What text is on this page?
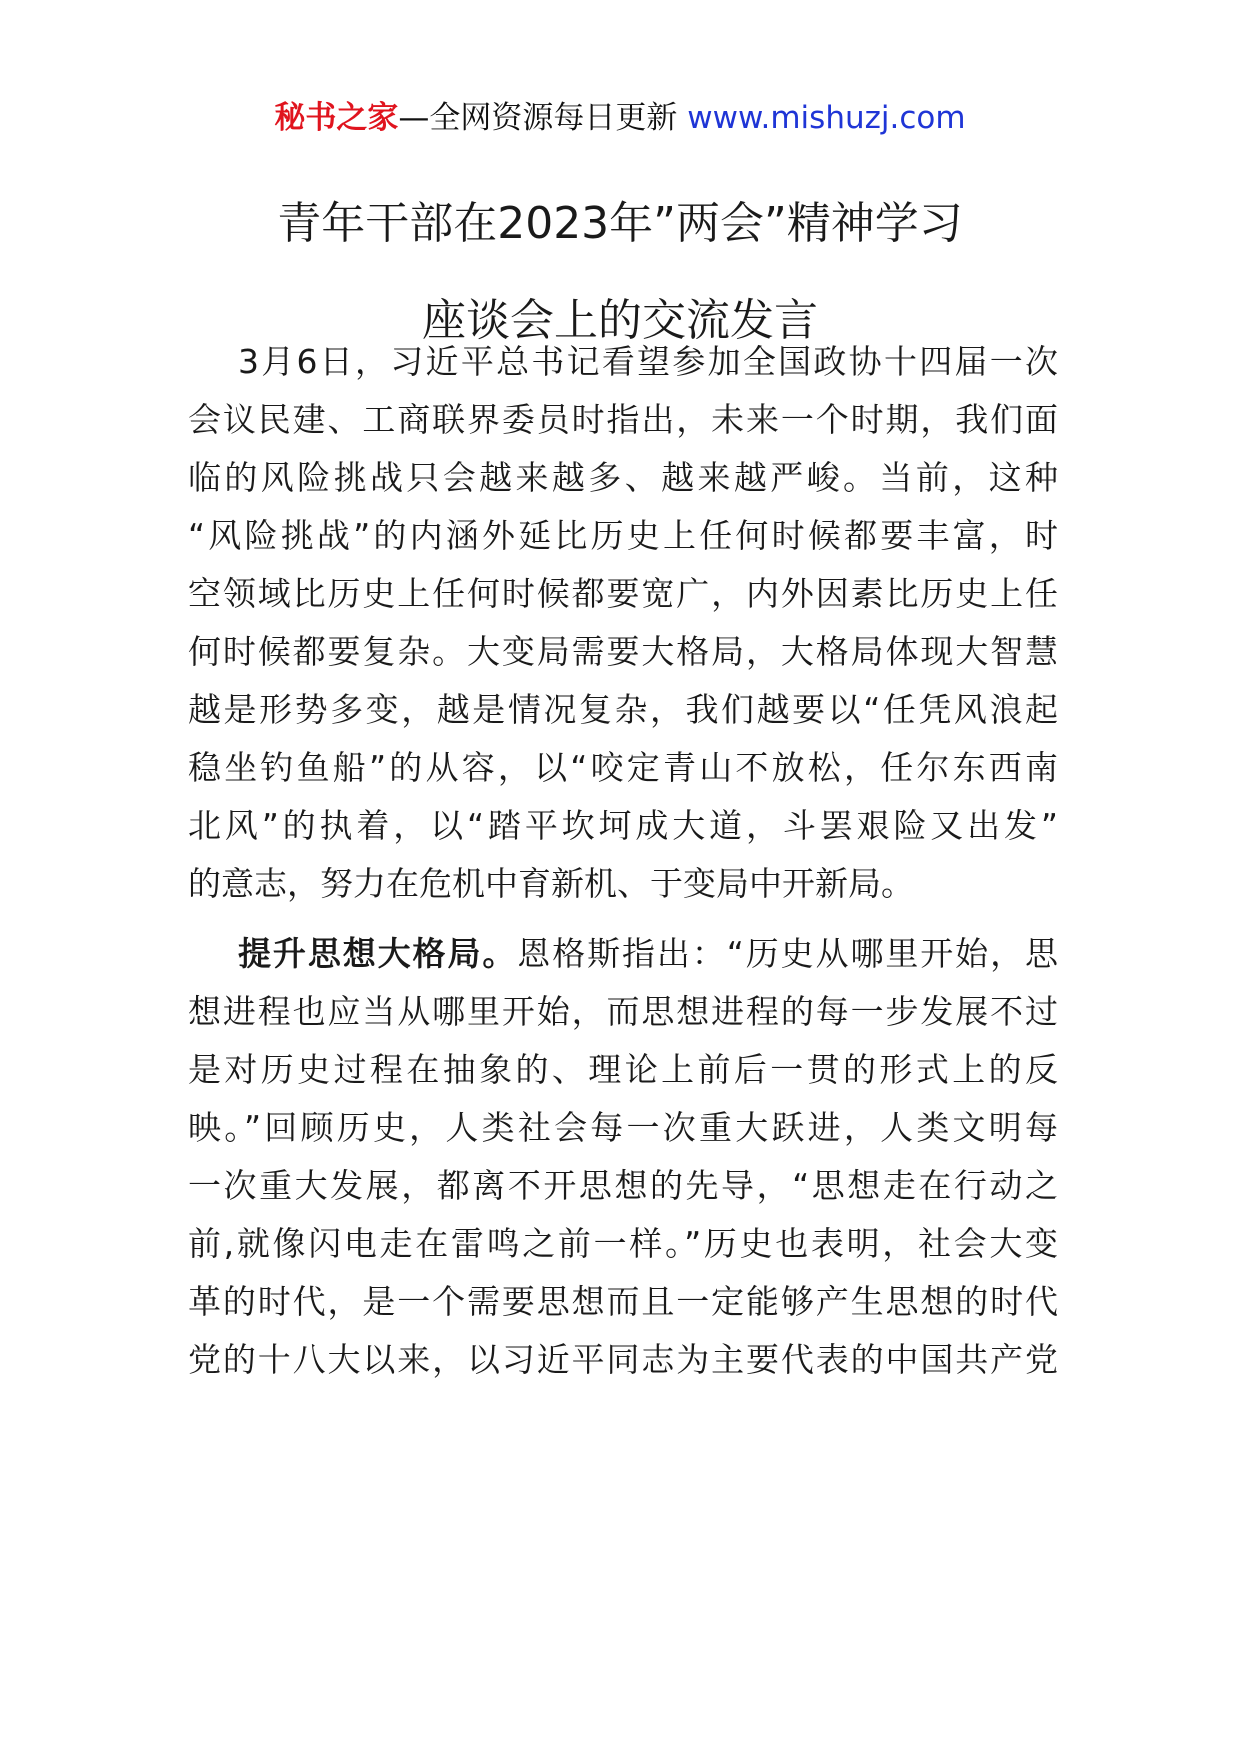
秘书之家—全网资源每日更新 www.mishuzj.com
青年干部在2023年”两会”精神学习
座谈会上的交流发言
3月6日，习近平总书记看望参加全国政协十四届一次
会议民建、工商联界委员时指出，未来一个时期，我们面
临的风险挑战只会越来越多、越来越严峻。当前，这种
“风险挑战”的内涵外延比历史上任何时候都要丰富，时
空领域比历史上任何时候都要宽广，内外因素比历史上任
何时候都要复杂。大变局需要大格局，大格局体现大智慧
越是形势多变，越是情况复杂，我们越要以“任凭风浪起
稳坐钓鱼船”的从容，以“咬定青山不放松，任尔东西南
北风”的执着，以“踏平坎坷成大道，斗罢艰险又出发”
的意志，努力在危机中育新机、于变局中开新局。
提升思想大格局。恩格斯指出：“历史从哪里开始，思
想进程也应当从哪里开始，而思想进程的每一步发展不过
是对历史过程在抽象的、理论上前后一贯的形式上的反
映。”回顾历史，人类社会每一次重大跃进，人类文明每
一次重大发展，都离不开思想的先导，“思想走在行动之
前,就像闪电走在雷鸣之前一样。”历史也表明，社会大变
革的时代，是一个需要思想而且一定能够产生思想的时代
党的十八大以来，以习近平同志为主要代表的中国共产党
